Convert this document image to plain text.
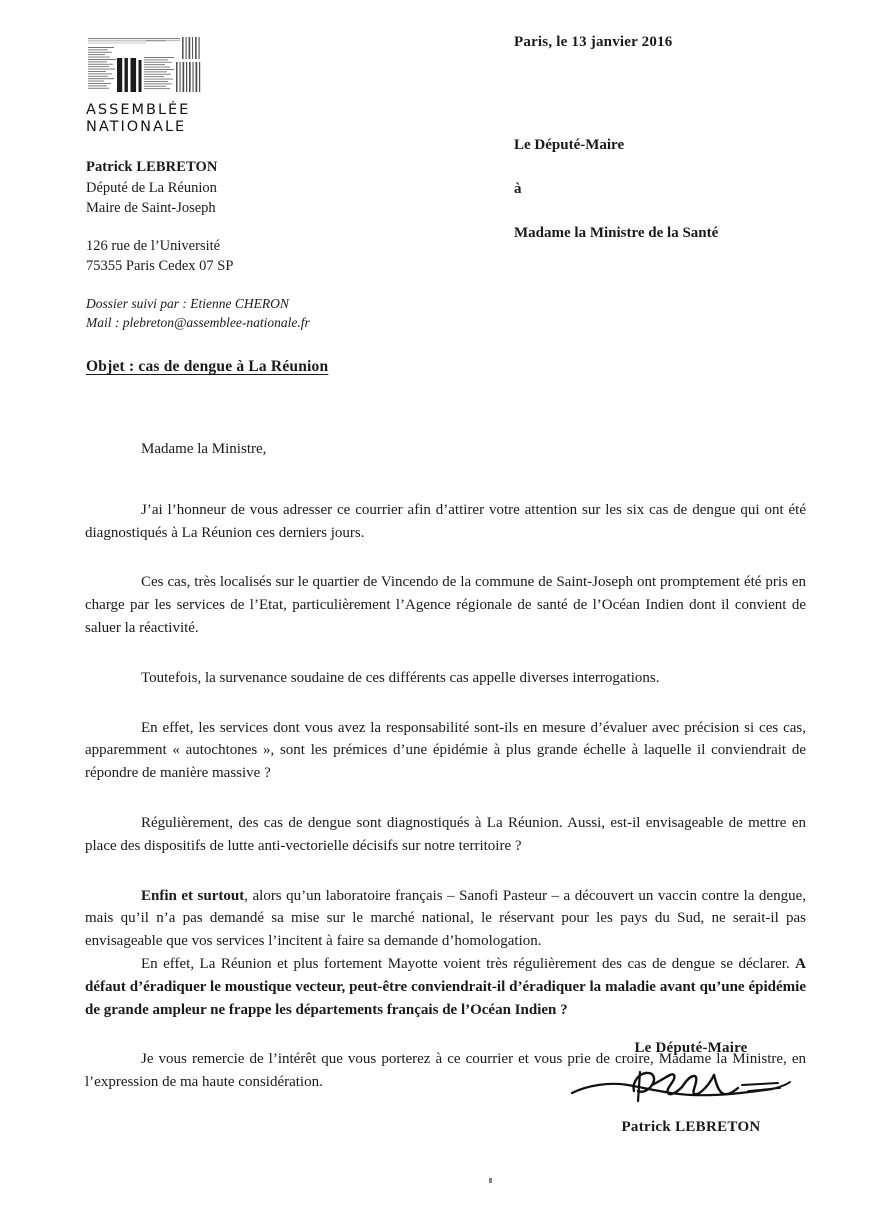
ASSEMBLÉE
NATIONALE
Patrick LEBRETON
Député de La Réunion
Maire de Saint-Joseph
126 rue de l’Université
75355 Paris Cedex 07 SP
Dossier suivi par : Etienne CHERON
Mail : plebreton@assemblee-nationale.fr
Paris, le 13 janvier 2016
Le Député-Maire
à
Madame la Ministre de la Santé
Objet : cas de dengue à La Réunion

Madame la Ministre,

J’ai l’honneur de vous adresser ce courrier afin d’attirer votre attention sur les six cas de dengue qui ont été diagnostiqués à La Réunion ces derniers jours.

Ces cas, très localisés sur le quartier de Vincendo de la commune de Saint-Joseph ont promptement été pris en charge par les services de l’Etat, particulièrement l’Agence régionale de santé de l’Océan Indien dont il convient de saluer la réactivité.

Toutefois, la survenance soudaine de ces différents cas appelle diverses interrogations.

En effet, les services dont vous avez la responsabilité sont-ils en mesure d’évaluer avec précision si ces cas, apparemment « autochtones », sont les prémices d’une épidémie à plus grande échelle à laquelle il conviendrait de répondre de manière massive ?

Régulièrement, des cas de dengue sont diagnostiqués à La Réunion. Aussi, est-il envisageable de mettre en place des dispositifs de lutte anti-vectorielle décisifs sur notre territoire ?

Enfin et surtout, alors qu’un laboratoire français – Sanofi Pasteur – a découvert un vaccin contre la dengue, mais qu’il n’a pas demandé sa mise sur le marché national, le réservant pour les pays du Sud, ne serait-il pas envisageable que vos services l’incitent à faire sa demande d’homologation.

En effet, La Réunion et plus fortement Mayotte voient très régulièrement des cas de dengue se déclarer. A défaut d’éradiquer le moustique vecteur, peut-être conviendrait-il d’éradiquer la maladie avant qu’une épidémie de grande ampleur ne frappe les départements français de l’Océan Indien ?

Je vous remercie de l’intérêt que vous porterez à ce courrier et vous prie de croire, Madame la Ministre, en l’expression de ma haute considération.

Le Député-Maire
Patrick LEBRETON
